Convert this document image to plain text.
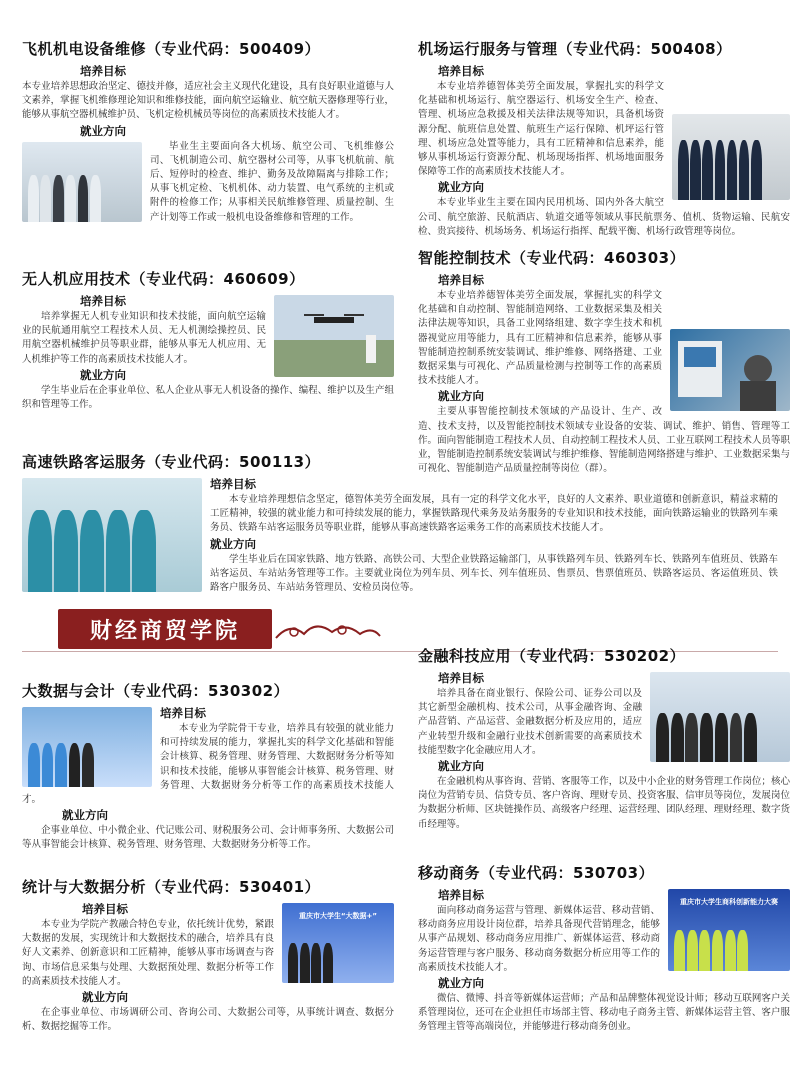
飞机机电设备维修（专业代码：500409）
培养目标

本专业培养思想政治坚定、德技并修，适应社会主义现代化建设，具有良好职业道德与人文素养，掌握飞机维修理论知识和维修技能，面向航空运输业、航空航天器修理等行业，能够从事航空器机械维护员、飞机定检机械员等岗位的高素质技术技能人才。

就业方向

毕业生主要面向各大机场、航空公司、飞机维修公司、飞机制造公司、航空器材公司等，从事飞机航前、航后、短停时的检查、维护、勤务及故障隔离与排除工作；从事飞机定检、飞机机体、动力装置、电气系统的主机或附件的检修工作；从事相关民航维修管理、质量控制、生产计划等工作或一般机电设备维修和管理的工作。

无人机应用技术（专业代码：460609）
培养目标

培养掌握无人机专业知识和技术技能，面向航空运输业的民航通用航空工程技术人员、无人机测绘操控员、民用航空器机械维护员等职业群，能够从事无人机应用、无人机维护等工作的高素质技术技能人才。

就业方向

学生毕业后在企事业单位、私人企业从事无人机设备的操作、编程、维护以及生产组织和管理等工作。

机场运行服务与管理（专业代码：500408）
培养目标

本专业培养德智体美劳全面发展，掌握扎实的科学文化基础和机场运行、航空器运行、机场安全生产、检查、管理、机场应急救援及相关法律法规等知识，具备机场资源分配、航班信息处置、航班生产运行保障、机坪运行管理、机场应急处置等能力，具有工匠精神和信息素养，能够从事机场运行资源分配、机场现场指挥、机场地面服务保障等工作的高素质技术技能人才。

就业方向

本专业毕业生主要在国内民用机场、国内外各大航空公司、航空旅游、民航酒店、轨道交通等领域从事民航票务、值机、货物运输、民航安检、贵宾接待、机场场务、机场运行指挥、配载平衡、机场行政管理等岗位。

智能控制技术（专业代码：460303）
培养目标

本专业培养德智体美劳全面发展，掌握扎实的科学文化基础和自动控制、智能制造网络、工业数据采集及相关法律法规等知识，具备工业网络组建、数字孪生技术和机器视觉应用等能力，具有工匠精神和信息素养，能够从事智能制造控制系统安装调试、维护维修、网络搭建、工业数据采集与可视化、产品质量检测与控制等工作的高素质技术技能人才。

就业方向

主要从事智能控制技术领域的产品设计、生产、改造、技术支持，以及智能控制技术领域专业设备的安装、调试、维护、销售、管理等工作。面向智能制造工程技术人员、自动控制工程技术人员、工业互联网工程技术人员等职业，智能制造控制系统安装调试与维护维修、智能制造网络搭建与维护、工业数据采集与可视化、智能制造产品质量控制等岗位（群）。

高速铁路客运服务（专业代码：500113）
培养目标

本专业培养理想信念坚定，德智体美劳全面发展，具有一定的科学文化水平，良好的人文素养、职业道德和创新意识，精益求精的工匠精神，较强的就业能力和可持续发展的能力，掌握铁路现代乘务及站务服务的专业知识和技术技能，面向铁路运输业的铁路列车乘务员、铁路车站客运服务员等职业群，能够从事高速铁路客运乘务工作的高素质技术技能人才。

就业方向

学生毕业后在国家铁路、地方铁路、高铁公司、大型企业铁路运输部门，从事铁路列车员、铁路列车长、铁路列车值班员、铁路车站客运员、车站站务管理等工作。主要就业岗位为列车员、列车长、列车值班员、售票员、售票值班员、铁路客运员、客运值班员、铁路客户服务员、车站站务管理员、安检员岗位等。

财经商贸学院
大数据与会计（专业代码：530302）
培养目标

本专业为学院骨干专业，培养具有较强的就业能力和可持续发展的能力，掌握扎实的科学文化基础和智能会计核算、税务管理、财务管理、大数据财务分析等知识和技术技能，能够从事智能会计核算、税务管理、财务管理、大数据财务分析等工作的高素质技术技能人才。

就业方向

企事业单位、中小微企业、代记账公司、财税服务公司、会计师事务所、大数据公司等从事智能会计核算、税务管理、财务管理、大数据财务分析等工作。

统计与大数据分析（专业代码：530401）
重庆市大学生“大数据+”
培养目标

本专业为学院产教融合特色专业，依托统计优势，紧跟大数据的发展，实现统计和大数据技术的融合，培养具有良好人文素养、创新意识和工匠精神，能够从事市场调查与咨询、市场信息采集与处理、大数据预处理、数据分析等工作的高素质技术技能人才。

就业方向

在企事业单位、市场调研公司、咨询公司、大数据公司等，从事统计调查、数据分析、数据挖掘等工作。

金融科技应用（专业代码：530202）
培养目标

培养具备在商业银行、保险公司、证券公司以及其它新型金融机构、技术公司，从事金融咨询、金融产品营销、产品运营、金融数据分析及应用的，适应产业转型升级和金融行业技术创新需要的高素质技术技能型数字化金融应用人才。

就业方向

在金融机构从事咨询、营销、客服等工作，以及中小企业的财务管理工作岗位；核心岗位为营销专员、信贷专员、客户咨询、理财专员、投资客服、信审员等岗位，发展岗位为数据分析师、区块链操作员、高级客户经理、运营经理、团队经理、理财经理、数字货币经理等。

移动商务（专业代码：530703）
重庆市大学生商科创新能力大赛
培养目标

面向移动商务运营与管理、新媒体运营、移动营销、移动商务应用设计岗位群，培养具备现代营销理念，能够从事产品规划、移动商务应用推广、新媒体运营、移动商务运营管理与客户服务、移动商务数据分析应用等工作的高素质技术技能人才。

就业方向

微信、微博、抖音等新媒体运营师；产品和品牌整体视觉设计师；移动互联网客户关系管理岗位，还可在企业担任市场部主管、移动电子商务主管、新媒体运营主管、客户服务管理主管等高端岗位，并能够进行移动商务创业。
